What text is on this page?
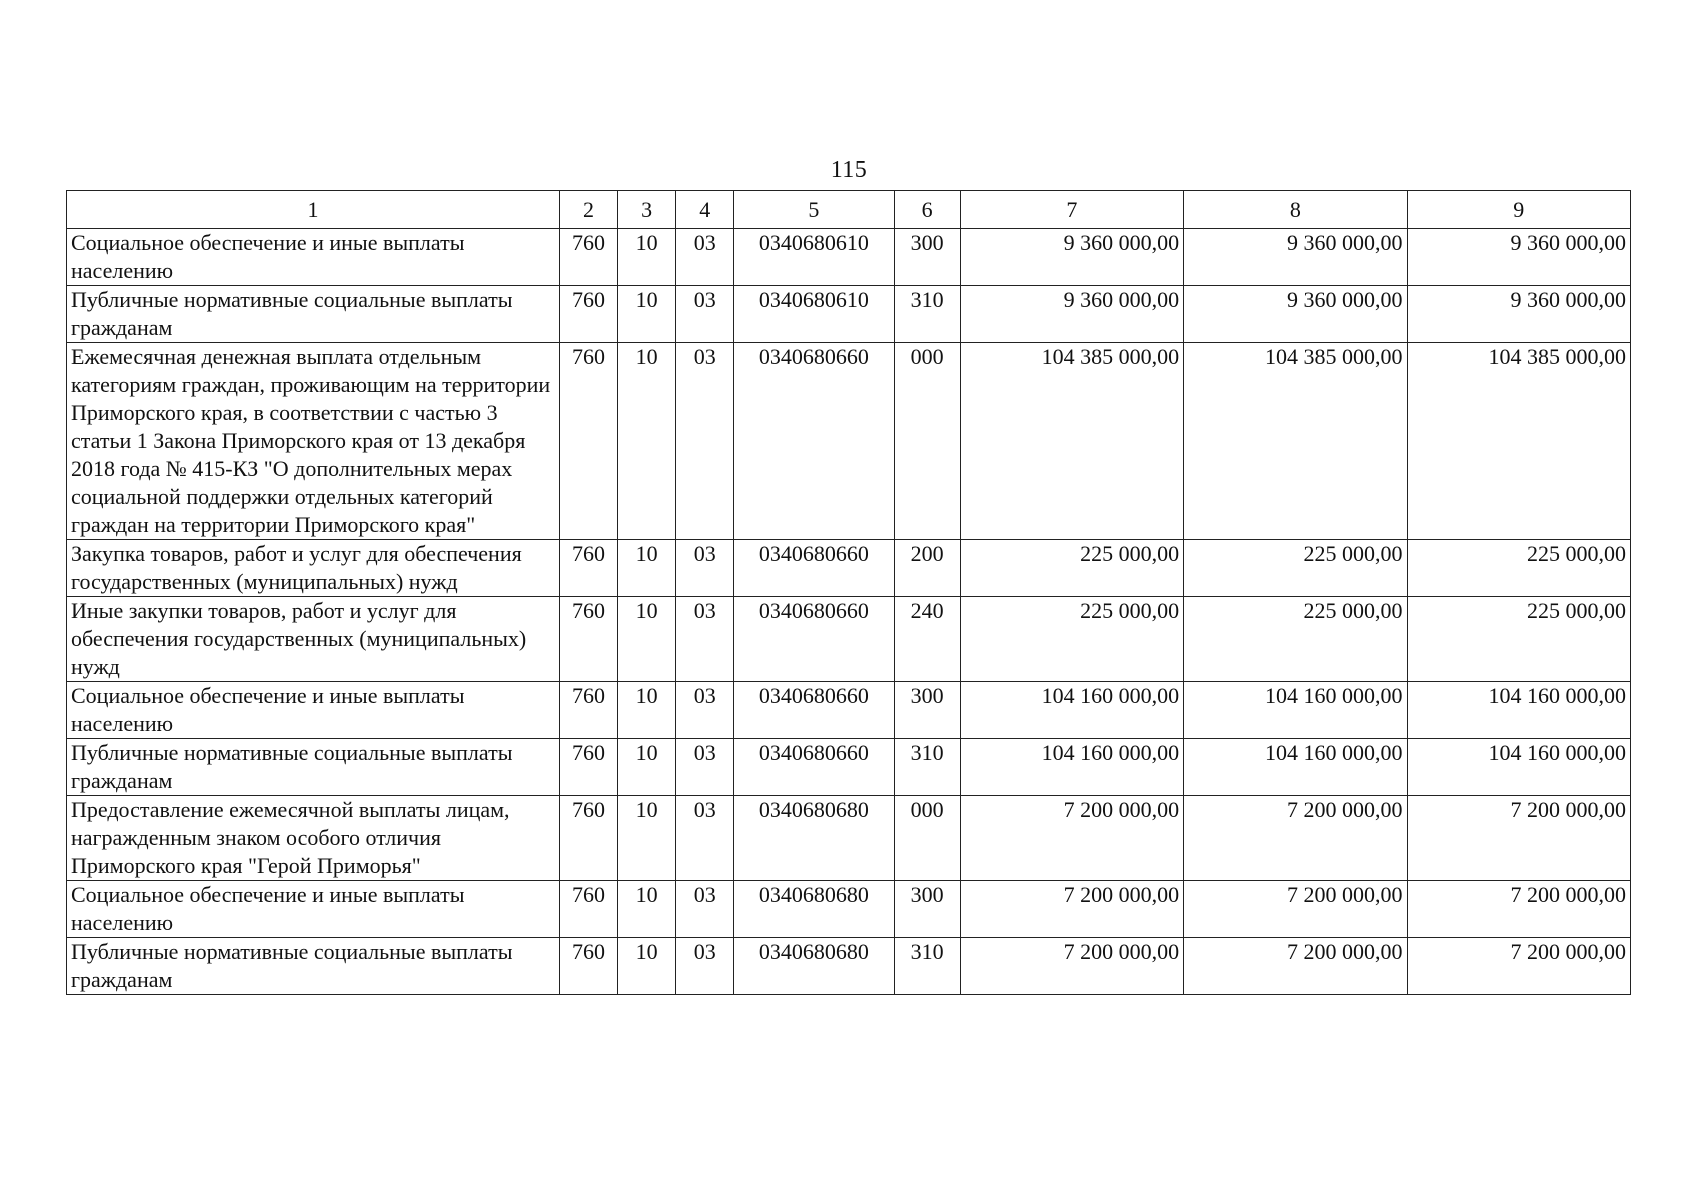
115
1	2	3	4	5	6	7	8	9
Социальное обеспечение и иные выплаты населению	760	10	03	0340680610	300	9 360 000,00	9 360 000,00	9 360 000,00
Публичные нормативные социальные выплаты гражданам	760	10	03	0340680610	310	9 360 000,00	9 360 000,00	9 360 000,00
Ежемесячная денежная выплата отдельным категориям граждан, проживающим на территории Приморского края, в соответствии с частью 3 статьи 1 Закона Приморского края от 13 декабря 2018 года № 415-КЗ "О дополнительных мерах социальной поддержки отдельных категорий граждан на территории Приморского края"	760	10	03	0340680660	000	104 385 000,00	104 385 000,00	104 385 000,00
Закупка товаров, работ и услуг для обеспечения государственных (муниципальных) нужд	760	10	03	0340680660	200	225 000,00	225 000,00	225 000,00
Иные закупки товаров, работ и услуг для обеспечения государственных (муниципальных) нужд	760	10	03	0340680660	240	225 000,00	225 000,00	225 000,00
Социальное обеспечение и иные выплаты населению	760	10	03	0340680660	300	104 160 000,00	104 160 000,00	104 160 000,00
Публичные нормативные социальные выплаты гражданам	760	10	03	0340680660	310	104 160 000,00	104 160 000,00	104 160 000,00
Предоставление ежемесячной выплаты лицам, награжденным знаком особого отличия Приморского края "Герой Приморья"	760	10	03	0340680680	000	7 200 000,00	7 200 000,00	7 200 000,00
Социальное обеспечение и иные выплаты населению	760	10	03	0340680680	300	7 200 000,00	7 200 000,00	7 200 000,00
Публичные нормативные социальные выплаты гражданам	760	10	03	0340680680	310	7 200 000,00	7 200 000,00	7 200 000,00
